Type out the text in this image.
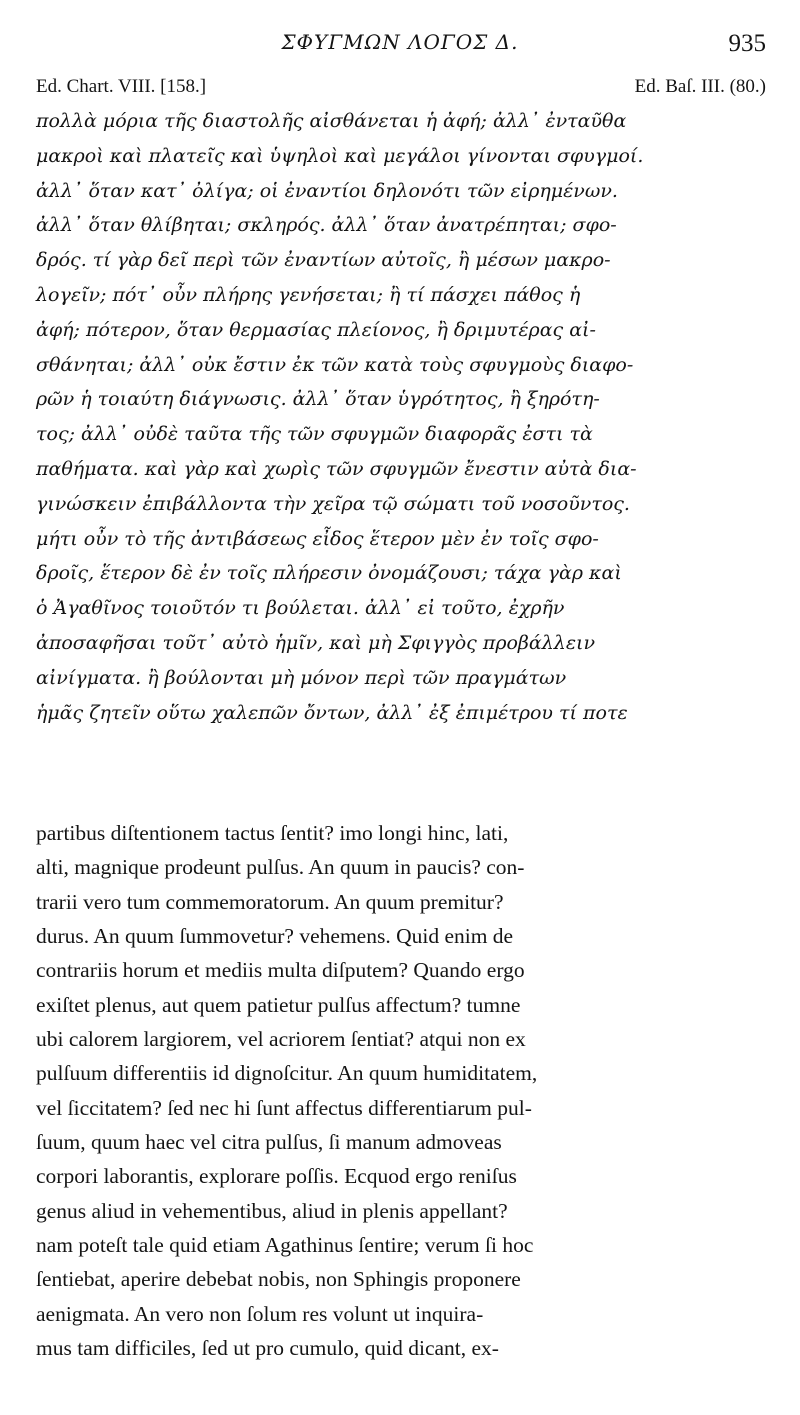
ΣΦΥΓΜΩΝ ΛΟΓΟΣ Δ.	935
Ed. Chart. VIII. [158.]	Ed. Baſ. III. (80.)
πολλὰ μόρια τῆς διαστολῆς αἰσθάνεται ἡ ἀφή; ἀλλ᾽ ἐνταῦθα
μακροὶ καὶ πλατεῖς καὶ ὑψηλοὶ καὶ μεγάλοι γίνονται σφυγμοί.
ἀλλ᾽ ὅταν κατ᾽ ὀλίγα; οἱ ἐναντίοι δηλονότι τῶν εἰρημένων.
ἀλλ᾽ ὅταν θλίβηται; σκληρός. ἀλλ᾽ ὅταν ἀνατρέπηται; σφο-
δρός. τί γὰρ δεῖ περὶ τῶν ἐναντίων αὐτοῖς, ἢ μέσων μακρο-
λογεῖν; πότ᾽ οὖν πλήρης γενήσεται; ἢ τί πάσχει πάθος ἡ
ἀφή; πότερον, ὅταν θερμασίας πλείονος, ἢ δριμυτέρας αἰ-
σθάνηται; ἀλλ᾽ οὐκ ἔστιν ἐκ τῶν κατὰ τοὺς σφυγμοὺς διαφο-
ρῶν ἡ τοιαύτη διάγνωσις. ἀλλ᾽ ὅταν ὑγρότητος, ἢ ξηρότη-
τος; ἀλλ᾽ οὐδὲ ταῦτα τῆς τῶν σφυγμῶν διαφορᾶς ἐστι τὰ
παθήματα. καὶ γὰρ καὶ χωρὶς τῶν σφυγμῶν ἔνεστιν αὐτὰ δια-
γινώσκειν ἐπιβάλλοντα τὴν χεῖρα τῷ σώματι τοῦ νοσοῦντος.
μήτι οὖν τὸ τῆς ἀντιβάσεως εἶδος ἕτερον μὲν ἐν τοῖς σφο-
δροῖς, ἕτερον δὲ ἐν τοῖς πλήρεσιν ὀνομάζουσι; τάχα γὰρ καὶ
ὁ Ἀγαθῖνος τοιοῦτόν τι βούλεται. ἀλλ᾽ εἰ τοῦτο, ἐχρῆν
ἀποσαφῆσαι τοῦτ᾽ αὐτὸ ἡμῖν, καὶ μὴ Σφιγγὸς προβάλλειν
αἰνίγματα. ἢ βούλονται μὴ μόνον περὶ τῶν πραγμάτων
ἡμᾶς ζητεῖν οὕτω χαλεπῶν ὄντων, ἀλλ᾽ ἐξ ἐπιμέτρου τί ποτε
partibus diſtentionem tactus ſentit? imo longi hinc, lati,
alti, magnique prodeunt pulſus. An quum in paucis? con-
trarii vero tum commemoratorum. An quum premitur?
durus. An quum ſummovetur? vehemens. Quid enim de
contrariis horum et mediis multa diſputem? Quando ergo
exiſtet plenus, aut quem patietur pulſus affectum? tumne
ubi calorem largiorem, vel acriorem ſentiat? atqui non ex
pulſuum differentiis id dignoſcitur. An quum humiditatem,
vel ſiccitatem? ſed nec hi ſunt affectus differentiarum pul-
ſuum, quum haec vel citra pulſus, ſi manum admoveas
corpori laborantis, explorare poſſis. Ecquod ergo reniſus
genus aliud in vehementibus, aliud in plenis appellant?
nam poteſt tale quid etiam Agathinus ſentire; verum ſi hoc
ſentiebat, aperire debebat nobis, non Sphingis proponere
aenigmata. An vero non ſolum res volunt ut inquira-
mus tam difficiles, ſed ut pro cumulo, quid dicant, ex-
